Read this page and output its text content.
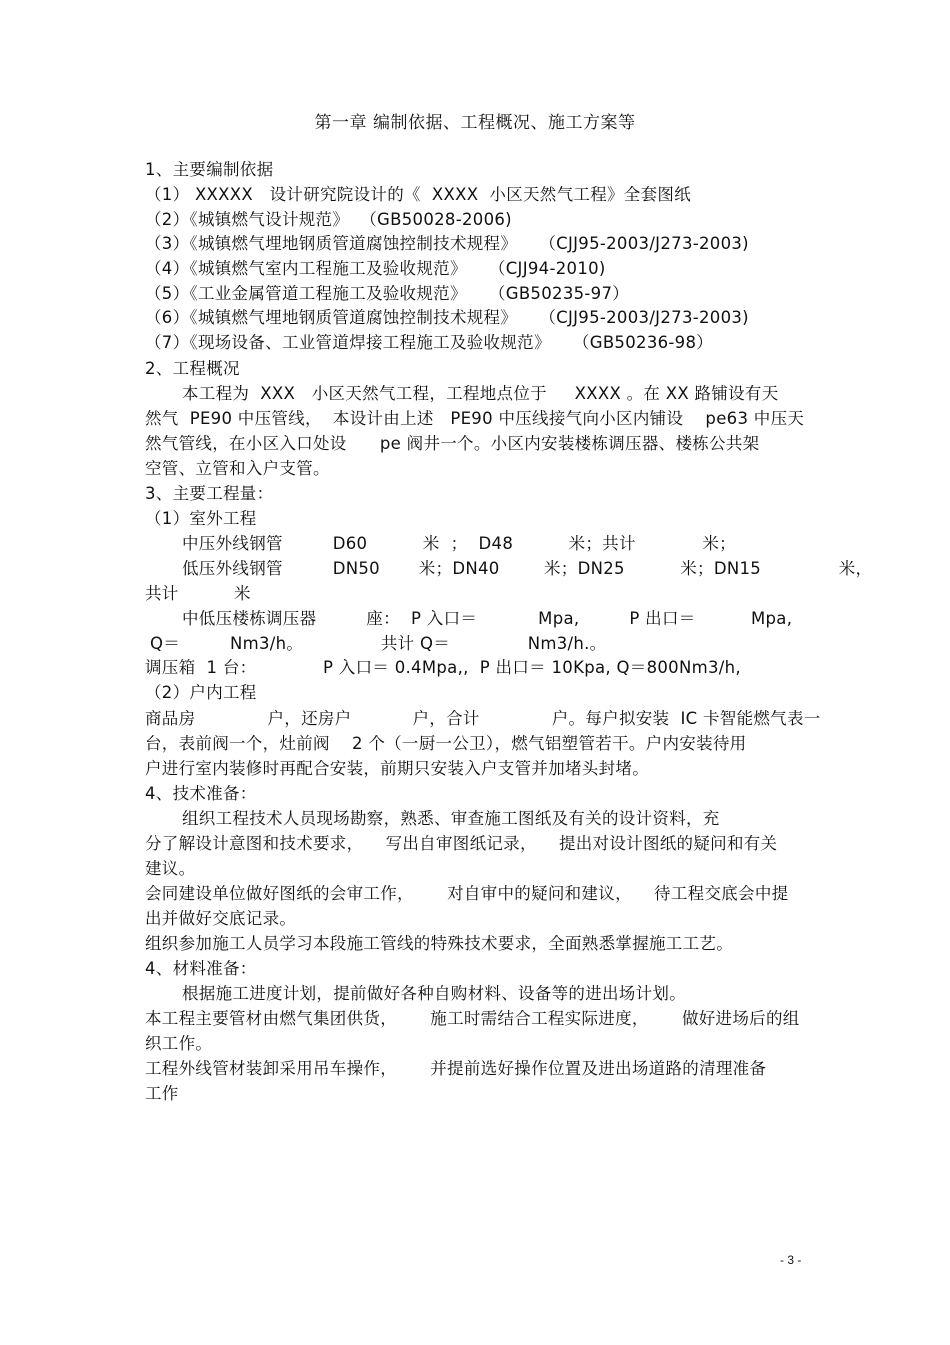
第一章 编制依据、工程概况、施工方案等
1、主要编制依据
（1） XXXXX   设计研究院设计的《  XXXX  小区天然气工程》全套图纸
（2）《城镇燃气设计规范》  （GB50028-2006)
（3）《城镇燃气埋地钢质管道腐蚀控制技术规程》    （CJJ95-2003/J273-2003)
（4）《城镇燃气室内工程施工及验收规范》    （CJJ94-2010)
（5）《工业金属管道工程施工及验收规范》    （GB50235-97）
（6）《城镇燃气埋地钢质管道腐蚀控制技术规程》    （CJJ95-2003/J273-2003)
（7）《现场设备、工业管道焊接工程施工及验收规范》    （GB50236-98）
2、工程概况
本工程为  XXX   小区天然气工程，工程地点位于     XXXX 。在 XX 路铺设有天
然气  PE90 中压管线，  本设计由上述   PE90 中压线接气向小区内铺设    pe63 中压天
然气管线，在小区入口处设      pe 阀井一个。小区内安装楼栋调压器、楼栋公共架
空管、立管和入户支管。
3、主要工程量：
（1）室外工程
中压外线钢管         D60          米  ；  D48          米；共计            米；
低压外线钢管         DN50       米；DN40        米；DN25          米；DN15              米，
共计          米
中低压楼栋调压器         座：  P 入口＝           Mpa,         P 出口＝          Mpa,
Q＝         Nm3/h。              共计 Q＝              Nm3/h.。
调压箱  1 台：            P 入口＝ 0.4Mpa,,  P 出口＝ 10Kpa, Q＝800Nm3/h,
（2）户内工程
商品房             户，还房户           户，合计             户。每户拟安装  IC 卡智能燃气表一
台，表前阀一个，灶前阀    2 个（一厨一公卫），燃气铝塑管若干。户内安装待用
户进行室内装修时再配合安装，前期只安装入户支管并加堵头封堵。
4、技术准备：
组织工程技术人员现场勘察，熟悉、审查施工图纸及有关的设计资料，充
分了解设计意图和技术要求，    写出自审图纸记录，    提出对设计图纸的疑问和有关
建议。
会同建设单位做好图纸的会审工作，      对自审中的疑问和建议，    待工程交底会中提
出并做好交底记录。
组织参加施工人员学习本段施工管线的特殊技术要求，全面熟悉掌握施工工艺。
4、材料准备：
根据施工进度计划，提前做好各种自购材料、设备等的进出场计划。
本工程主要管材由燃气集团供货，      施工时需结合工程实际进度，      做好进场后的组
织工作。
工程外线管材装卸采用吊车操作，      并提前选好操作位置及进出场道路的清理准备
工作
- 3 -
